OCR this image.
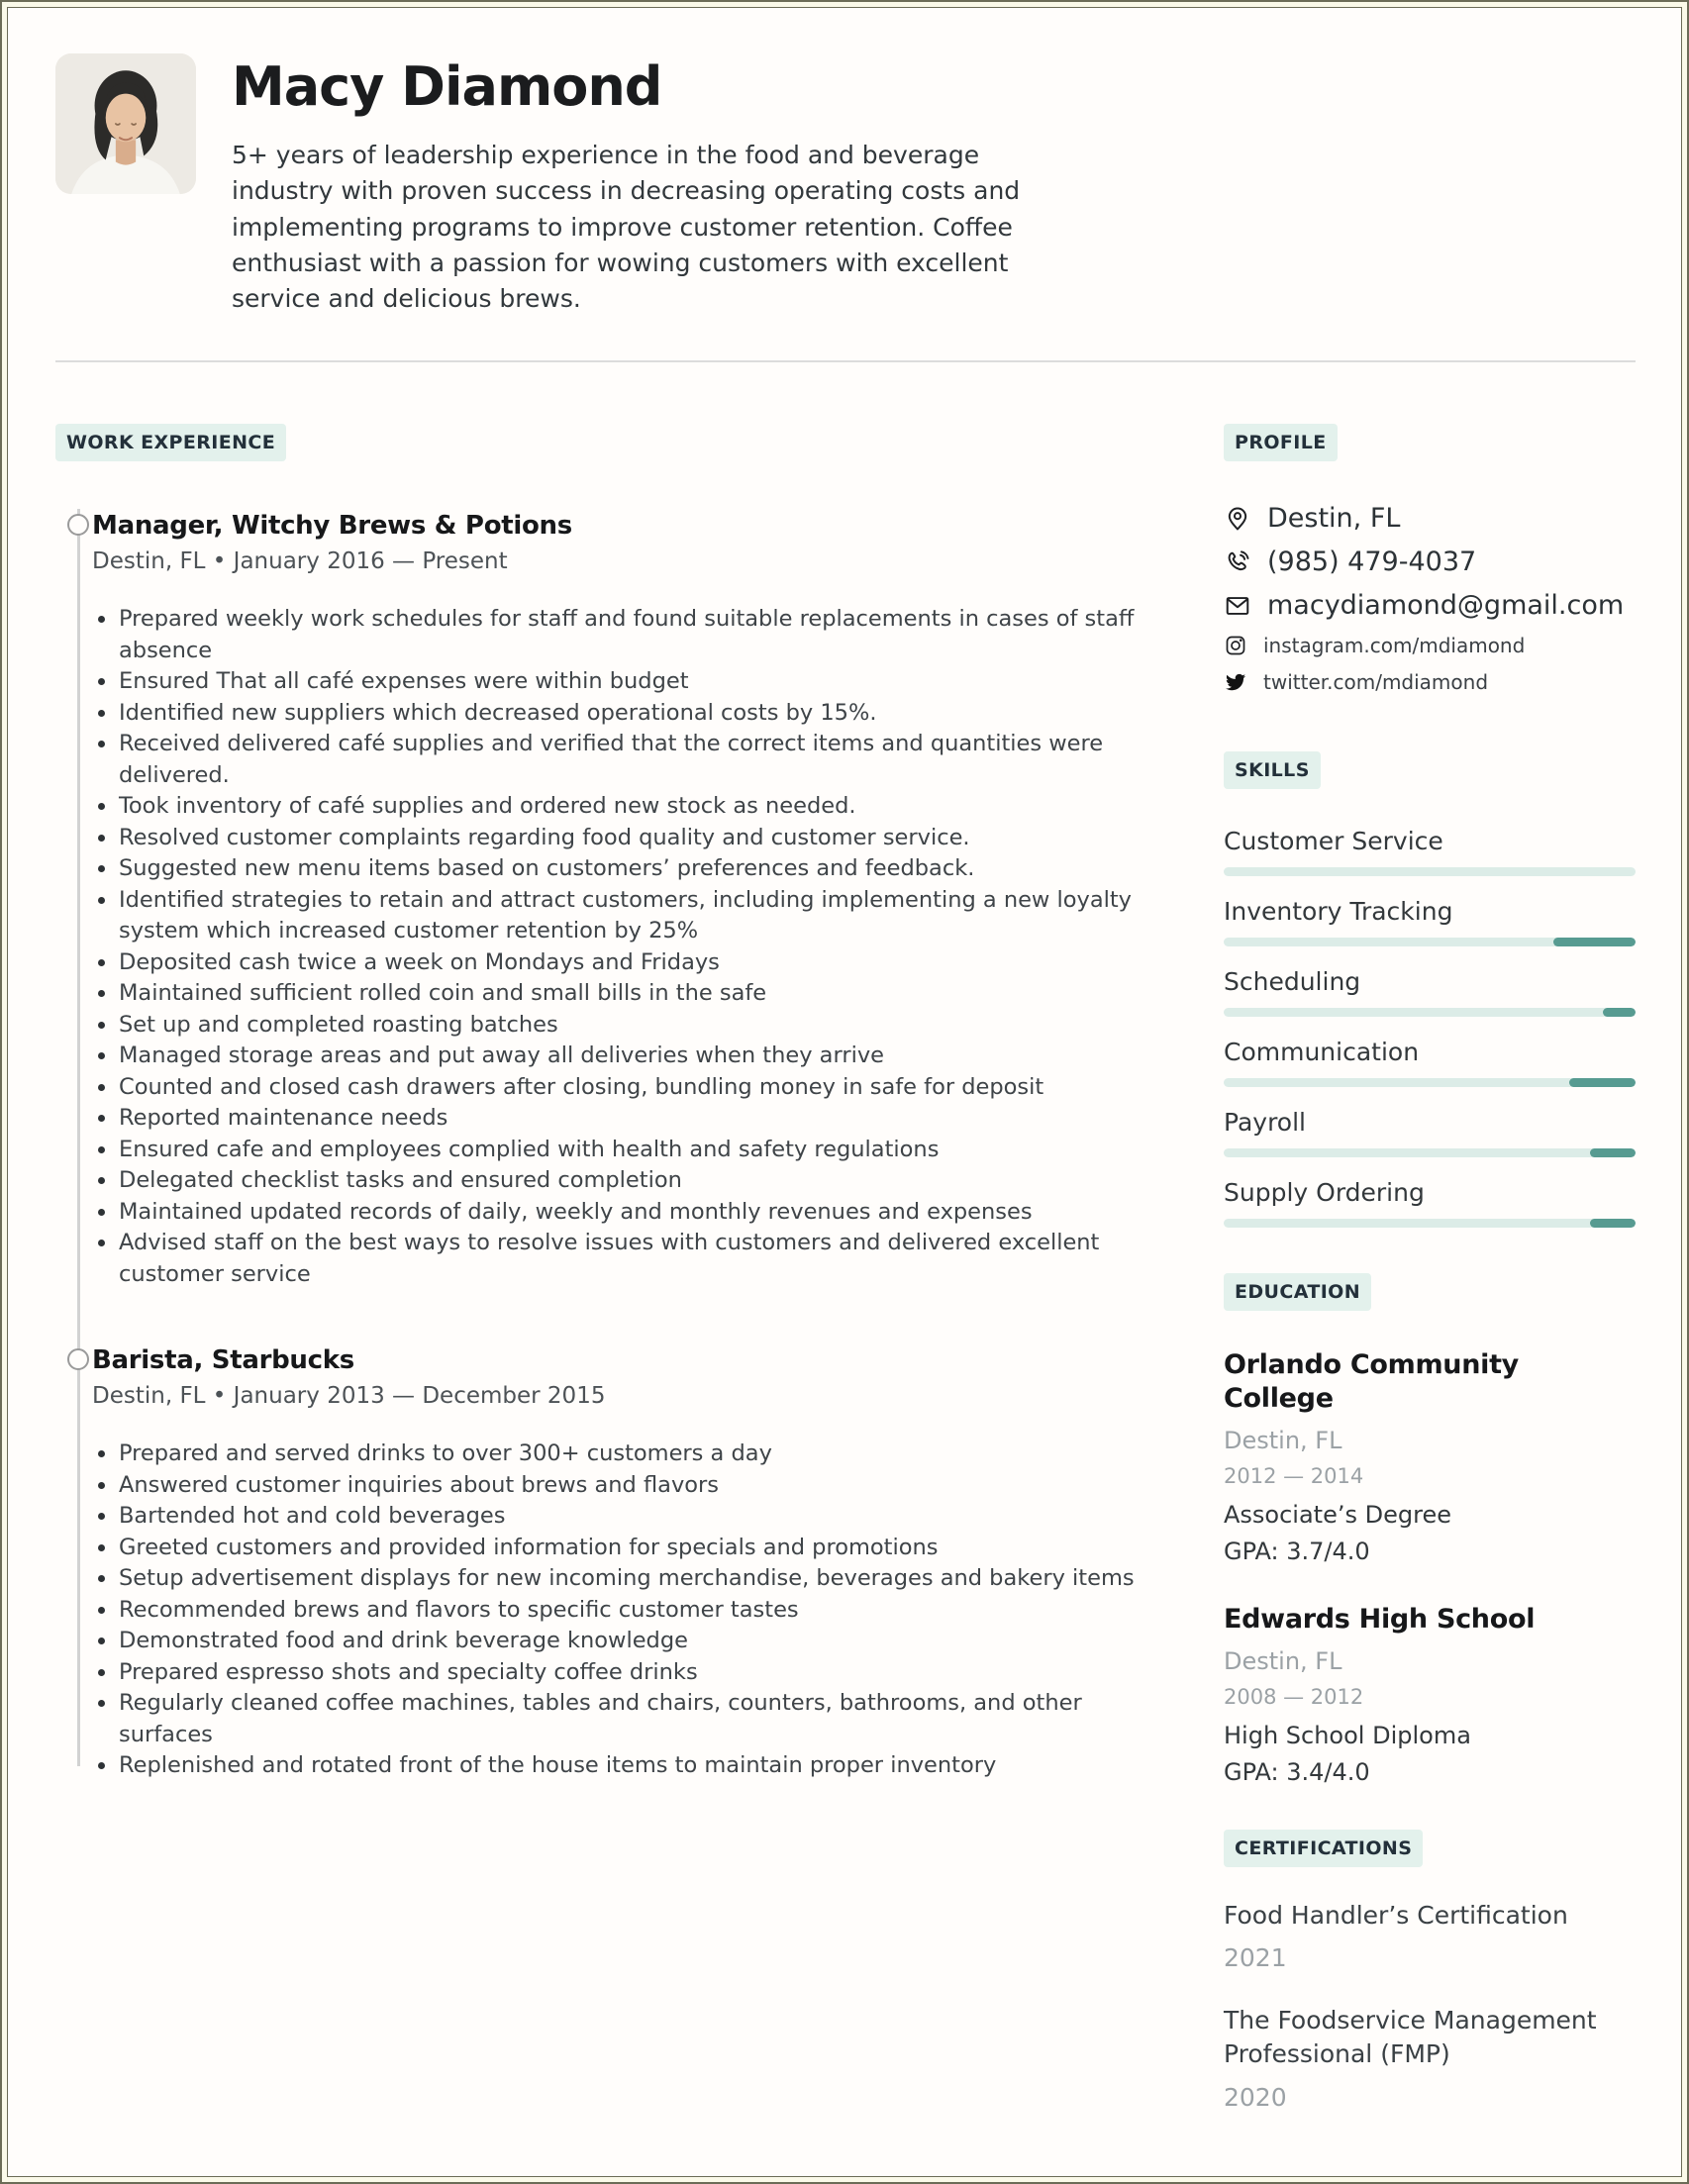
Macy Diamond

5+ years of leadership experience in the food and beverage industry with proven success in decreasing operating costs and implementing programs to improve customer retention. Coffee enthusiast with a passion for wowing customers with excellent service and delicious brews.

WORK EXPERIENCE
Manager, Witchy Brews & Potions
Destin, FL • January 2016 — Present
Prepared weekly work schedules for staff and found suitable replacements in cases of staff absence
Ensured That all café expenses were within budget
Identified new suppliers which decreased operational costs by 15%.
Received delivered café supplies and verified that the correct items and quantities were delivered.
Took inventory of café supplies and ordered new stock as needed.
Resolved customer complaints regarding food quality and customer service.
Suggested new menu items based on customers’ preferences and feedback.
Identified strategies to retain and attract customers, including implementing a new loyalty system which increased customer retention by 25%
Deposited cash twice a week on Mondays and Fridays
Maintained sufficient rolled coin and small bills in the safe
Set up and completed roasting batches
Managed storage areas and put away all deliveries when they arrive
Counted and closed cash drawers after closing, bundling money in safe for deposit
Reported maintenance needs
Ensured cafe and employees complied with health and safety regulations
Delegated checklist tasks and ensured completion
Maintained updated records of daily, weekly and monthly revenues and expenses
Advised staff on the best ways to resolve issues with customers and delivered excellent customer service
Barista, Starbucks
Destin, FL • January 2013 — December 2015
Prepared and served drinks to over 300+ customers a day
Answered customer inquiries about brews and flavors
Bartended hot and cold beverages
Greeted customers and provided information for specials and promotions
Setup advertisement displays for new incoming merchandise, beverages and bakery items
Recommended brews and flavors to specific customer tastes
Demonstrated food and drink beverage knowledge
Prepared espresso shots and specialty coffee drinks
Regularly cleaned coffee machines, tables and chairs, counters, bathrooms, and other surfaces
Replenished and rotated front of the house items to maintain proper inventory
PROFILE
Destin, FL
(985) 479-4037
macydiamond@gmail.com
instagram.com/mdiamond
twitter.com/mdiamond
SKILLS
Customer Service
Inventory Tracking
Scheduling
Communication
Payroll
Supply Ordering
EDUCATION
Orlando Community College
Destin, FL
2012 — 2014
Associate’s Degree
GPA: 3.7/4.0
Edwards High School
Destin, FL
2008 — 2012
High School Diploma
GPA: 3.4/4.0
CERTIFICATIONS
Food Handler’s Certification
2021
The Foodservice Management Professional (FMP)
2020
